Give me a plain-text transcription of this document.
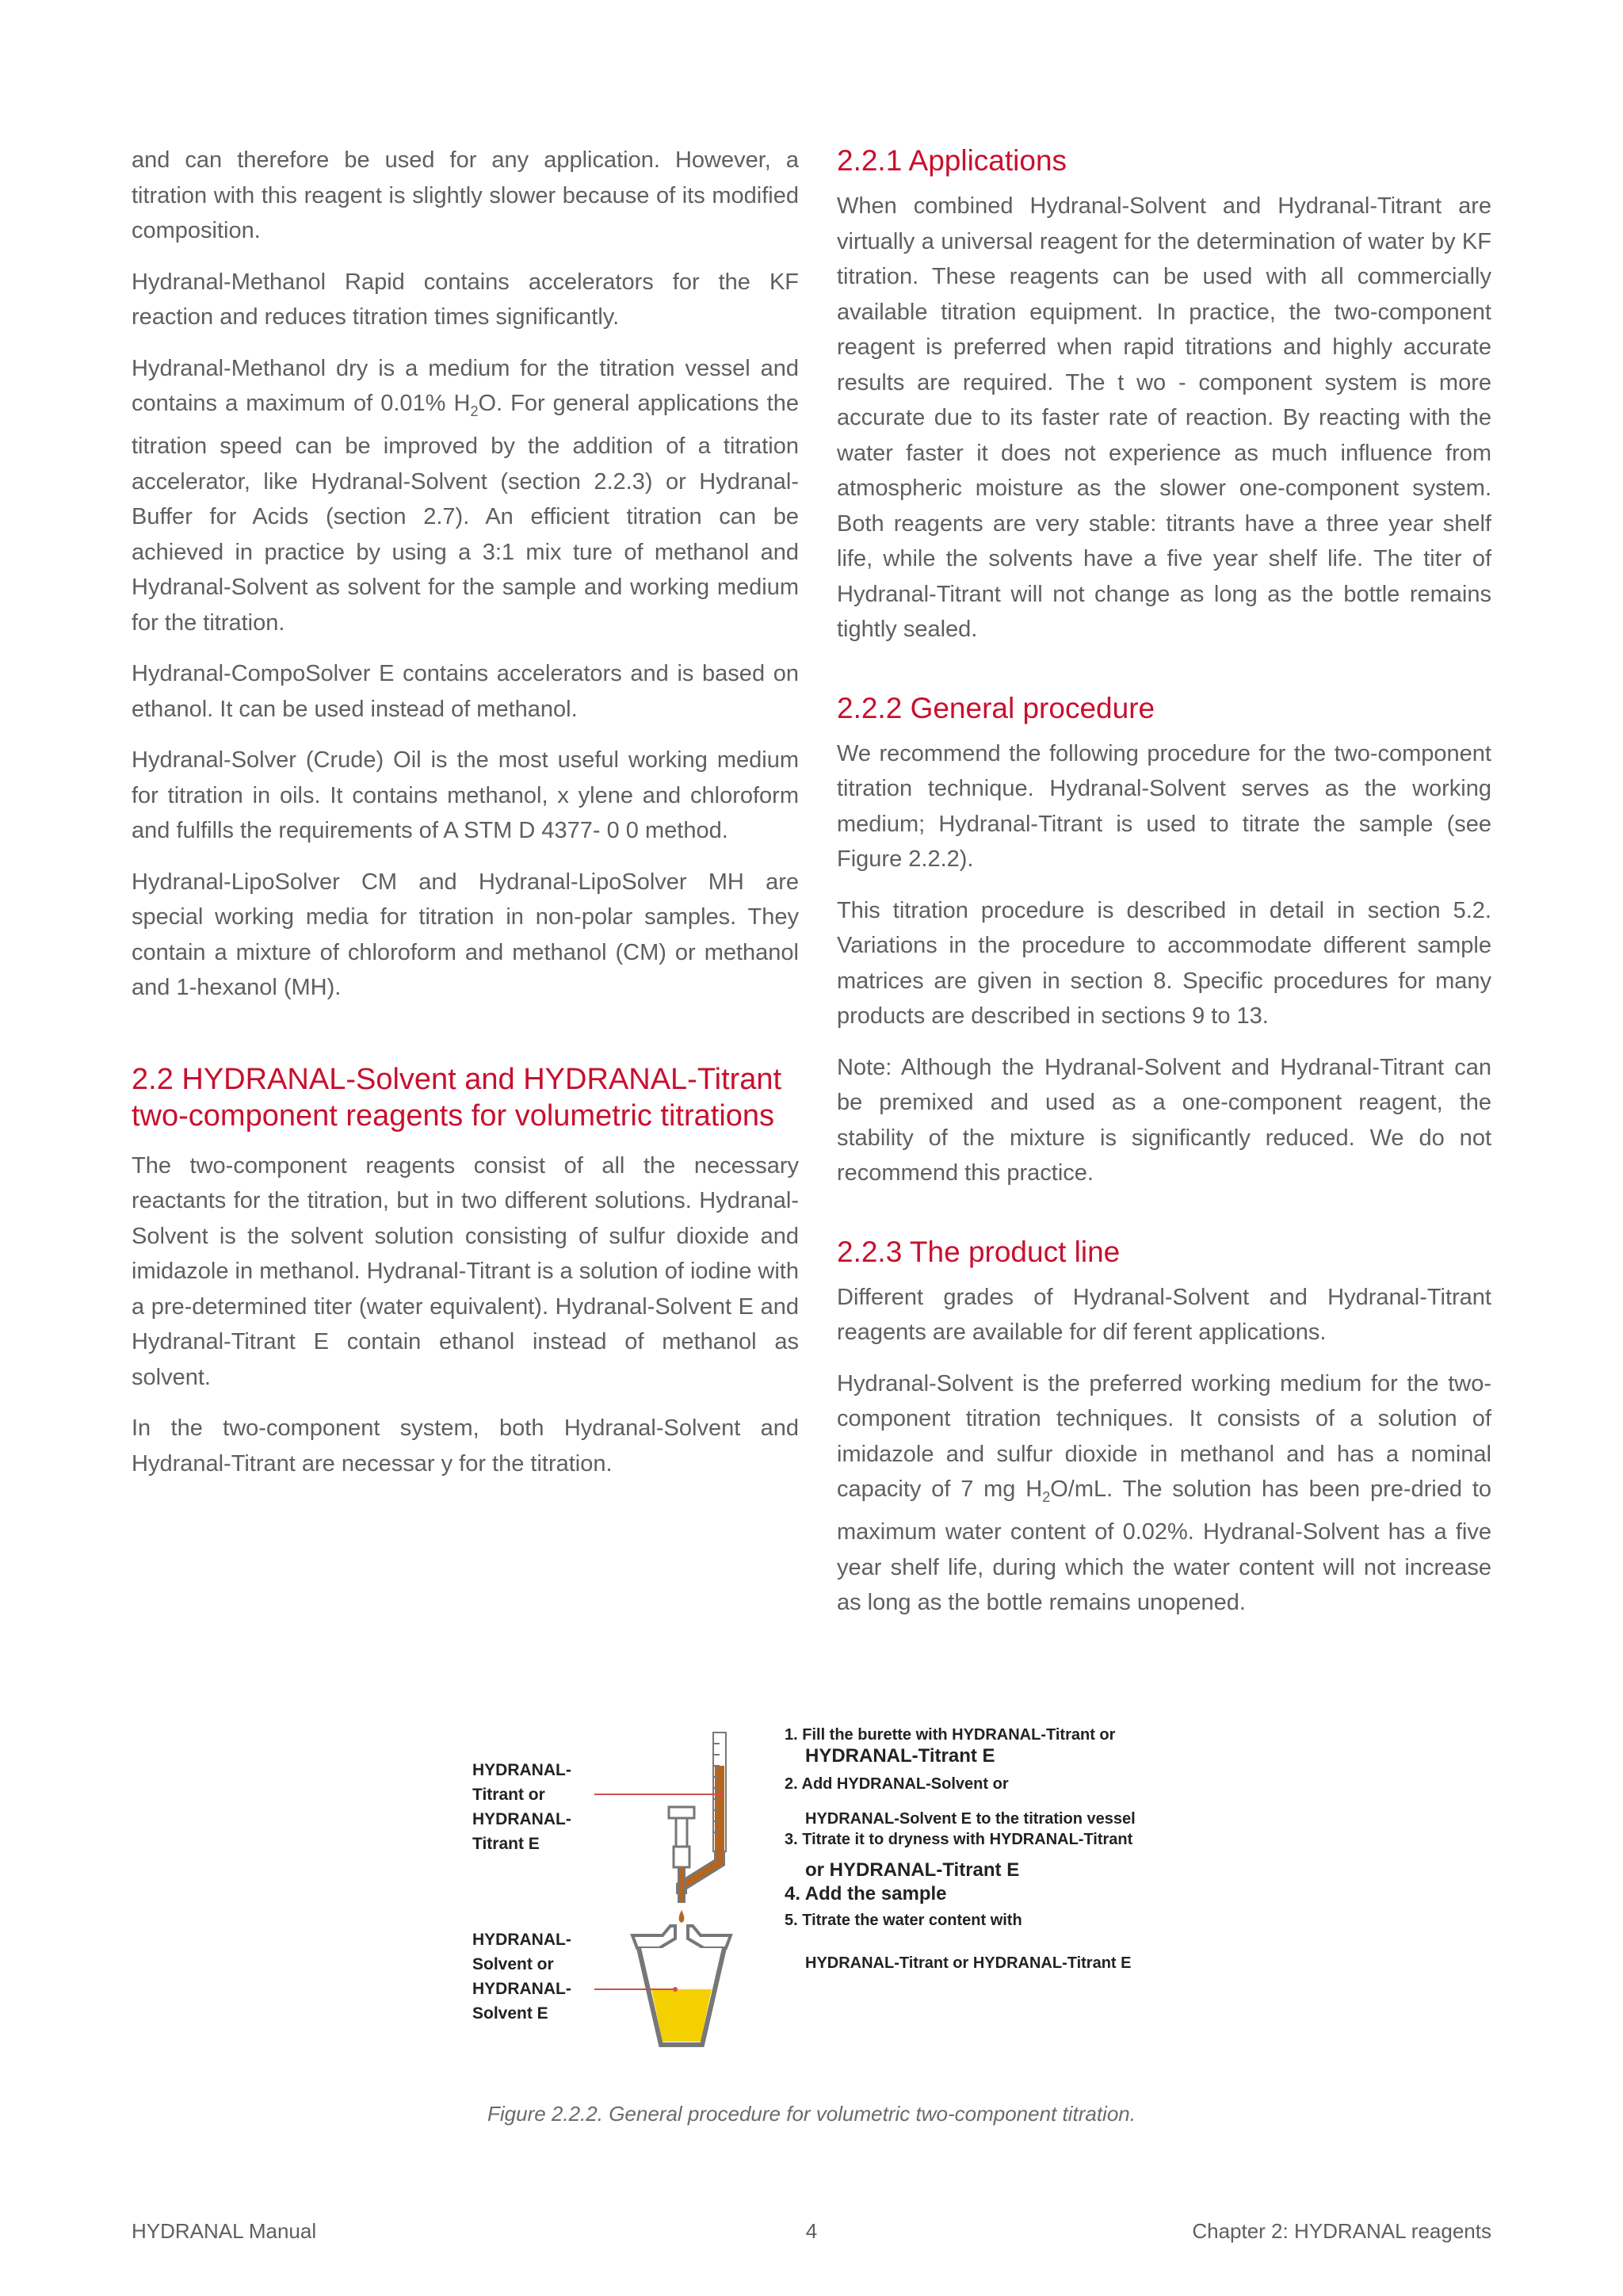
and can therefore be used for any application. However, a titration with this reagent is slightly slower because of its modified composition.

Hydranal-Methanol Rapid contains accelerators for the KF reaction and reduces titration times significantly.

Hydranal-Methanol dry is a medium for the titration vessel and contains a maximum of 0.01% $H_2O$. For general applications the titration speed can be improved by the addition of a titration accelerator, like Hydranal-Solvent (section 2.2.3) or Hydranal-Buffer for Acids (section 2.7). An efficient titration can be achieved in practice by using a 3:1 mix ture of methanol and Hydranal-Solvent as solvent for the sample and working medium for the titration.

Hydranal-CompoSolver E contains accelerators and is based on ethanol. It can be used instead of methanol.

Hydranal-Solver (Crude) Oil is the most useful working medium for titration in oils. It contains methanol, x ylene and chloroform and fulfills the requirements of A STM D 4377- 0 0 method.

Hydranal-LipoSolver CM and Hydranal-LipoSolver MH are special working media for titration in non-polar samples. They contain a mixture of chloroform and methanol (CM) or methanol and 1-hexanol (MH).

2.2 HYDRANAL-Solvent and HYDRANAL-Titrant two-component reagents for volumetric titrations

The two-component reagents consist of all the necessary reactants for the titration, but in two different solutions. Hydranal-Solvent is the solvent solution consisting of sulfur dioxide and imidazole in methanol. Hydranal-Titrant is a solution of iodine with a pre-determined titer (water equivalent). Hydranal-Solvent E and Hydranal-Titrant E contain ethanol instead of methanol as solvent.

In the two-component system, both Hydranal-Solvent and Hydranal-Titrant are necessar y for the titration.

2.2.1 Applications

When combined Hydranal-Solvent and Hydranal-Titrant are virtually a universal reagent for the determination of water by KF titration. These reagents can be used with all commercially available titration equipment. In practice, the two-component reagent is preferred when rapid titrations and highly accurate results are required. The t wo - component system is more accurate due to its faster rate of reaction. By reacting with the water faster it does not experience as much influence from atmospheric moisture as the slower one-component system. Both reagents are very stable: titrants have a three year shelf life, while the solvents have a five year shelf life. The titer of Hydranal-Titrant will not change as long as the bottle remains tightly sealed.

2.2.2 General procedure

We recommend the following procedure for the two-component titration technique. Hydranal-Solvent serves as the working medium; Hydranal-Titrant is used to titrate the sample (see Figure 2.2.2).

This titration procedure is described in detail in section 5.2. Variations in the procedure to accommodate different sample matrices are given in section 8. Specific procedures for many products are described in sections 9 to 13.

Note: Although the Hydranal-Solvent and Hydranal-Titrant can be premixed and used as a one-component reagent, the stability of the mixture is significantly reduced. We do not recommend this practice.

2.2.3 The product line

Different grades of Hydranal-Solvent and Hydranal-Titrant reagents are available for dif ferent applications.

Hydranal-Solvent is the preferred working medium for the two-component titration techniques. It consists of a solution of imidazole and sulfur dioxide in methanol and has a nominal capacity of 7 mg $H_2O/mL$. The solution has been pre-dried to maximum water content of 0.02%. Hydranal-Solvent has a five year shelf life, during which the water content will not increase as long as the bottle remains unopened.

HYDRANAL-
Titrant or
HYDRANAL-
Titrant E
HYDRANAL-
Solvent or
HYDRANAL-
Solvent E
1. Fill the burette with HYDRANAL-Titrant or
HYDRANAL-Titrant E
2. Add HYDRANAL-Solvent or
HYDRANAL-Solvent E to the titration vessel
3. Titrate it to dryness with HYDRANAL-Titrant
or HYDRANAL-Titrant E
4. Add the sample
5. Titrate the water content with
HYDRANAL-Titrant or HYDRANAL-Titrant E
Figure 2.2.2. General procedure for volumetric two-component titration.
HYDRANAL Manual	4	Chapter 2: HYDRANAL reagents
